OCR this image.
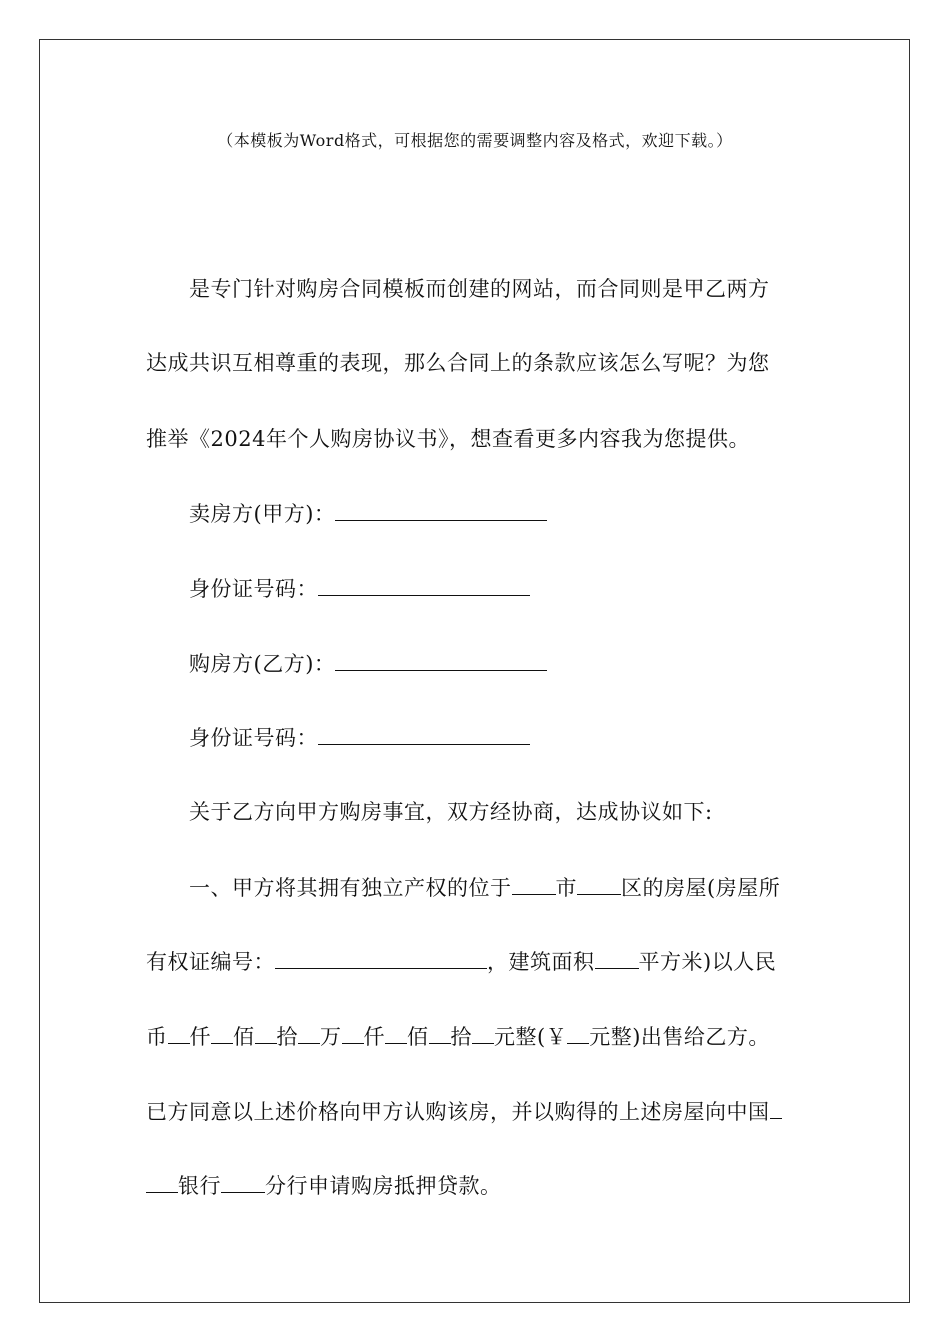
（本模板为Word格式，可根据您的需要调整内容及格式，欢迎下载。）
是专门针对购房合同模板而创建的网站，而合同则是甲乙两方
达成共识互相尊重的表现，那么合同上的条款应该怎么写呢？为您
推举《2024年个人购房协议书》，想查看更多内容我为您提供。
卖房方(甲方)：
身份证号码：
购房方(乙方)：
身份证号码：
关于乙方向甲方购房事宜，双方经协商，达成协议如下:
一、甲方将其拥有独立产权的位于 市 区的房屋(房屋所
有权证编号：	，建筑面积 平方米)以人民
币 仟 佰 拾 万 仟 佰 拾 元整(￥ 元整)出售给乙方。
已方同意以上述价格向甲方认购该房，并以购得的上述房屋向中国
银行 分行申请购房抵押贷款。
